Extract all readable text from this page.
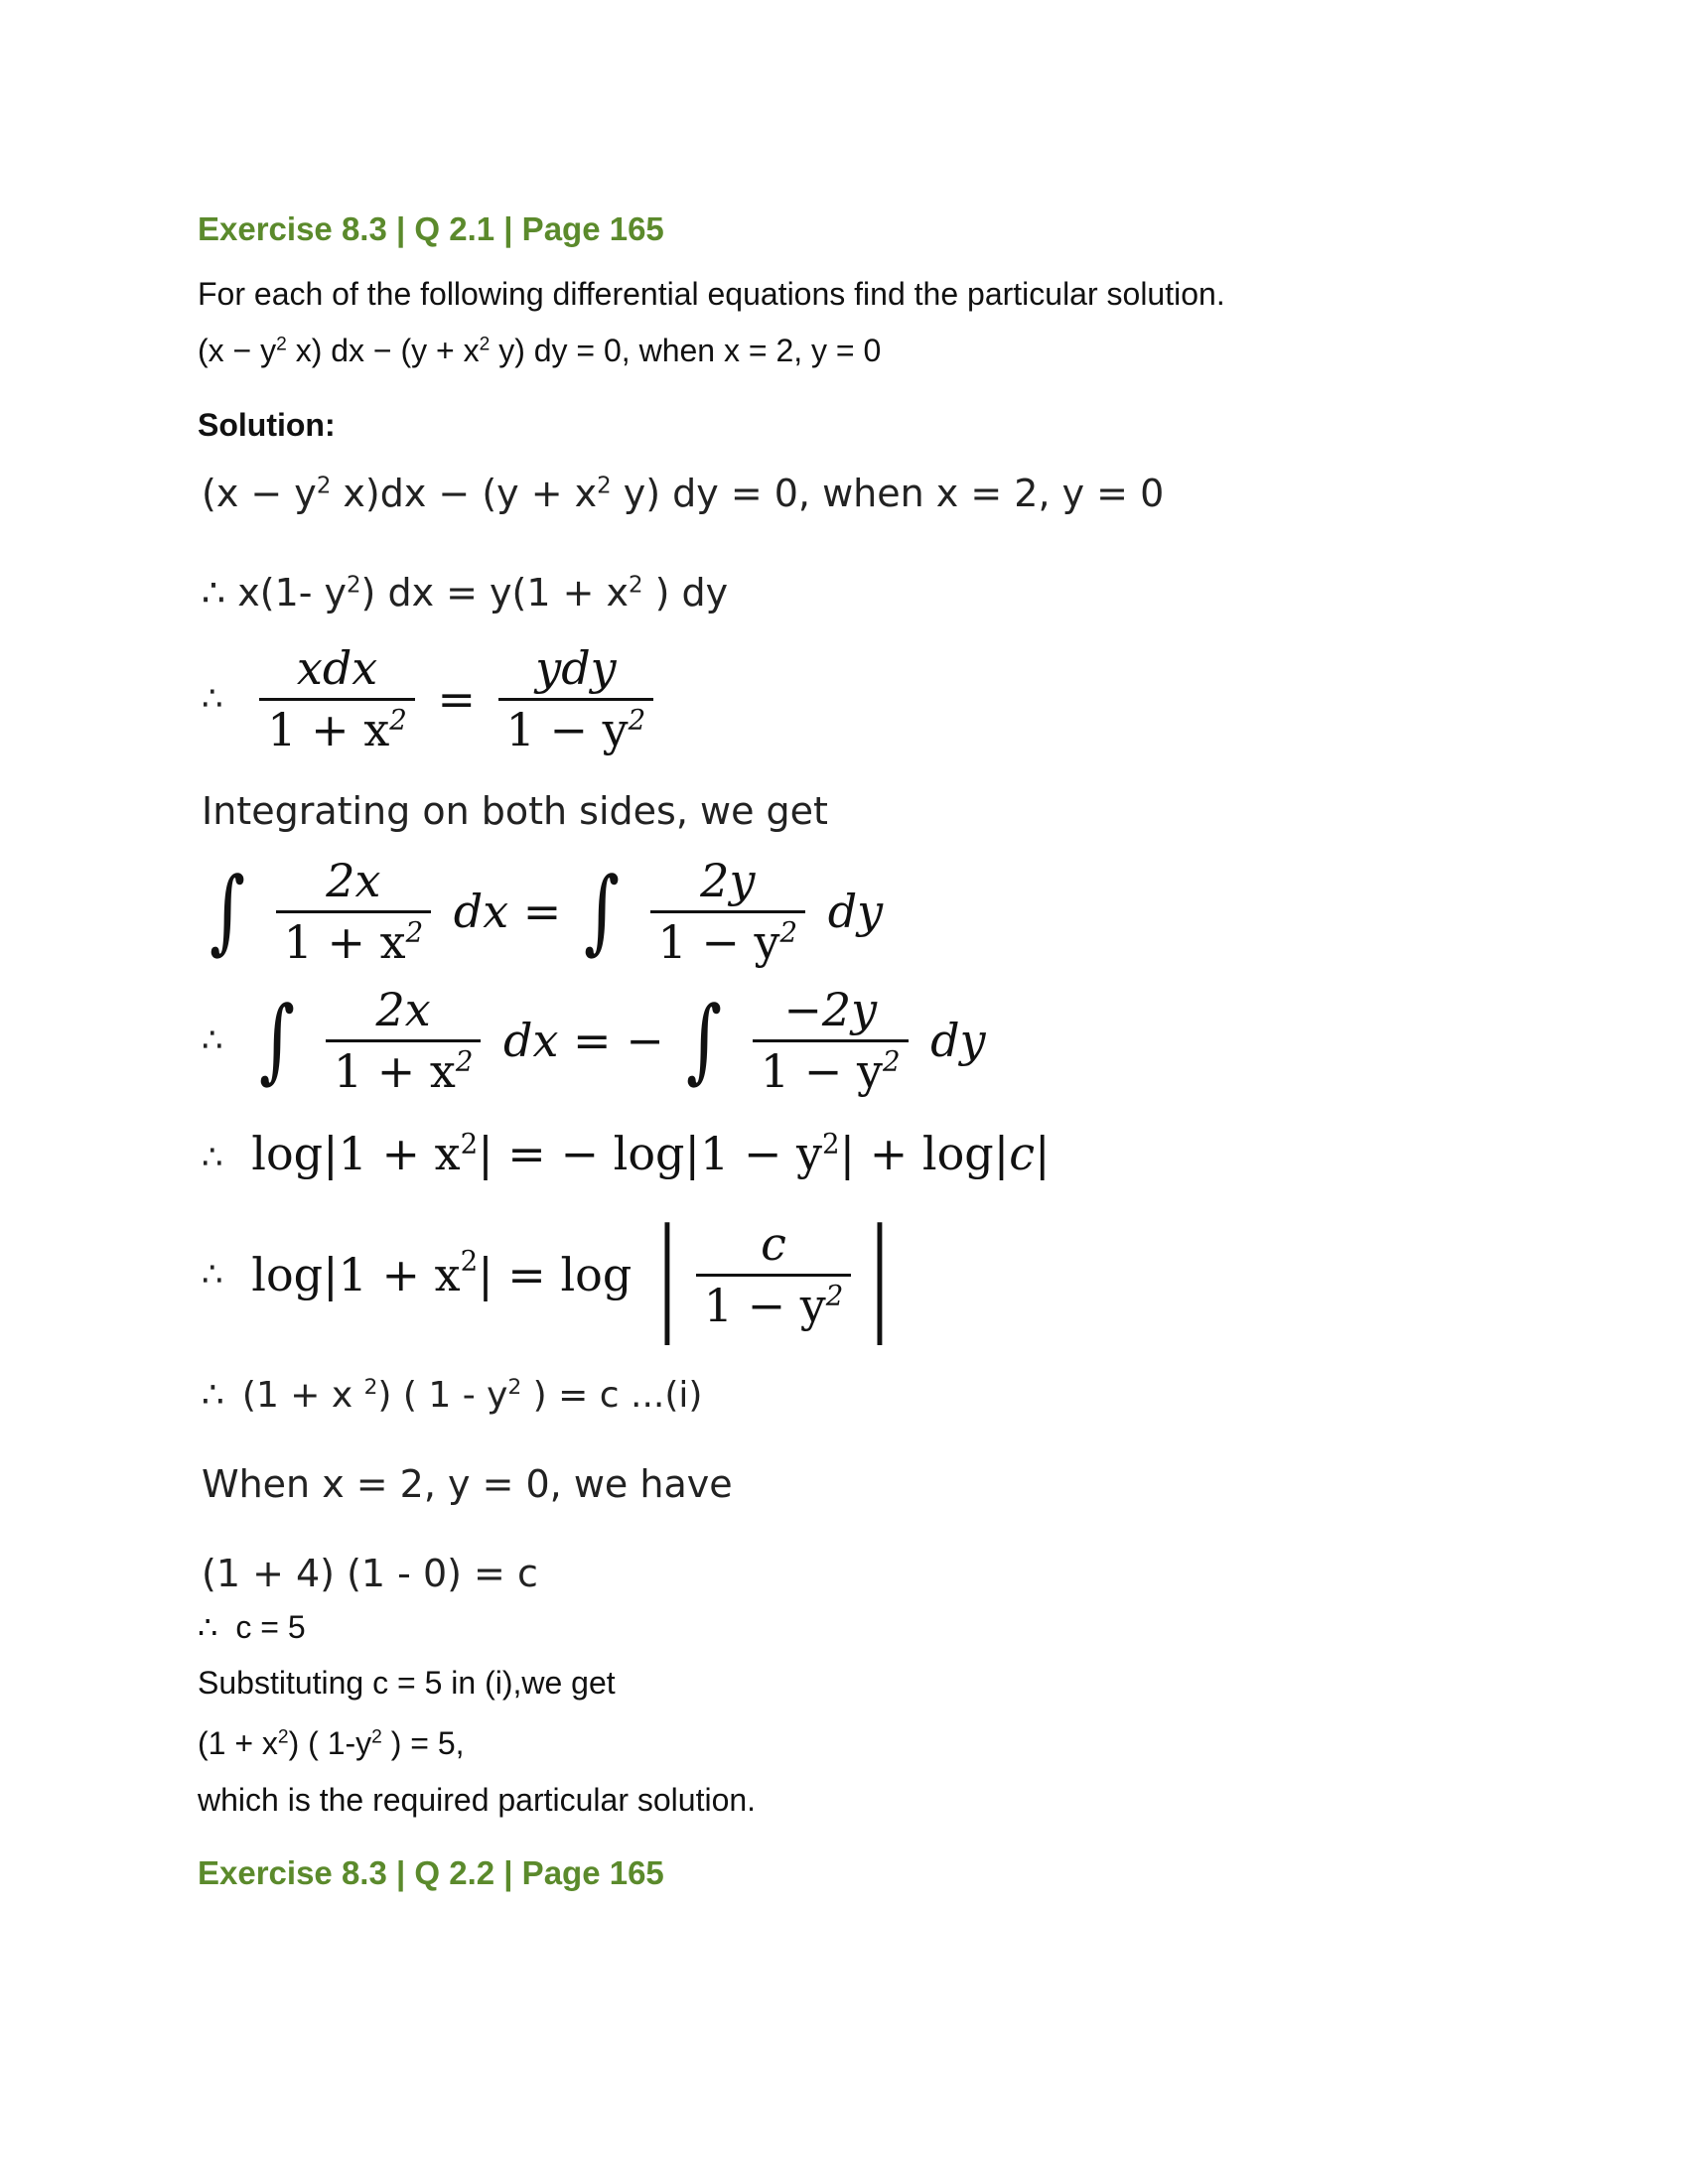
Exercise 8.3 | Q 2.1 | Page 165
For each of the following differential equations find the particular solution.
($x - y^2$ x) dx − ($y + x^2$ y) dy = 0, when x = 2, y = 0
Solution:
($x - y^2$ $x)dx - (y + x^2$ y) dy = 0, when x = 2, y = 0
∴ x(1- $y^2$) dx = $y(1 + x^2$ ) dy
∴ $\frac{\text{xdx}}{1 + x^2} = \frac{\text{ydy}}{1 - y^2}$
Integrating on both sides, we get
∫ $\frac{2x}{1 + x^2}$ dx = ∫ $\frac{2y}{1 - y^2}$ dy
∴ ∫ $\frac{2x}{1 + x^2}$ dx = − ∫ $\frac{-2y}{1 - y^2}$ dy
∴ $\log|1 + x^2|$ = − $\log|1 - y^2| + \log|c|$
∴ $\log|1 + x^2| = \log$ | $\frac{c}{1 - y^2}$ |
∴ (1 + x $^2$) ( $1 - y^2$ ) = c ...(i)
When x = 2, y = 0, we have
(1 + 4) (1 - 0) = c
∴ c = 5
Substituting c = 5 in (i),we get
$(1 + x^2)$ ( $1-y^2$ ) = 5,
which is the required particular solution.
Exercise 8.3 | Q 2.2 | Page 165
